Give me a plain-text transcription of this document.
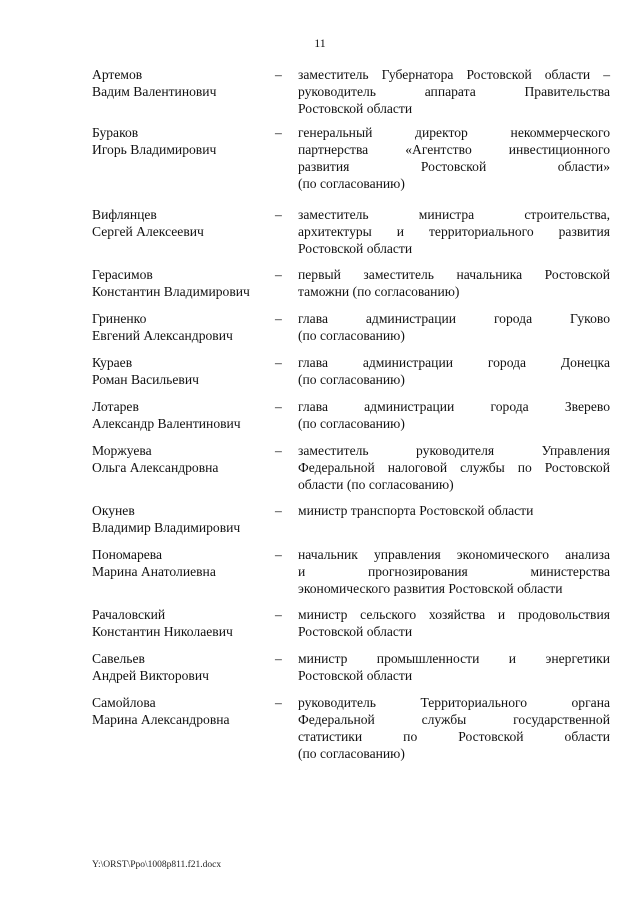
11
Артемов
Вадим Валентинович
– заместитель Губернатора Ростовской области –
руководитель аппарата Правительства
Ростовской области
Бураков
Игорь Владимирович
– генеральный директор некоммерческого
партнерства «Агентство инвестиционного
развития Ростовской области»
(по согласованию)
Вифлянцев
Сергей Алексеевич
– заместитель министра строительства,
архитектуры и территориального развития
Ростовской области
Герасимов
Константин Владимирович
– первый заместитель начальника Ростовской
таможни (по согласованию)
Гриненко
Евгений Александрович
– глава администрации города Гуково
(по согласованию)
Кураев
Роман Васильевич
– глава администрации города Донецка
(по согласованию)
Лотарев
Александр Валентинович
– глава администрации города Зверево
(по согласованию)
Моржуева
Ольга Александровна
– заместитель руководителя Управления
Федеральной налоговой службы по Ростовской
области (по согласованию)
Окунев
Владимир Владимирович
– министр транспорта Ростовской области
Пономарева
Марина Анатолиевна
– начальник управления экономического анализа
и прогнозирования министерства
экономического развития Ростовской области
Рачаловский
Константин Николаевич
– министр сельского хозяйства и продовольствия
Ростовской области
Савельев
Андрей Викторович
– министр промышленности и энергетики
Ростовской области
Самойлова
Марина Александровна
– руководитель Территориального органа
Федеральной службы государственной
статистики по Ростовской области
(по согласованию)
Y:\ORST\Ppo\1008p811.f21.docx
